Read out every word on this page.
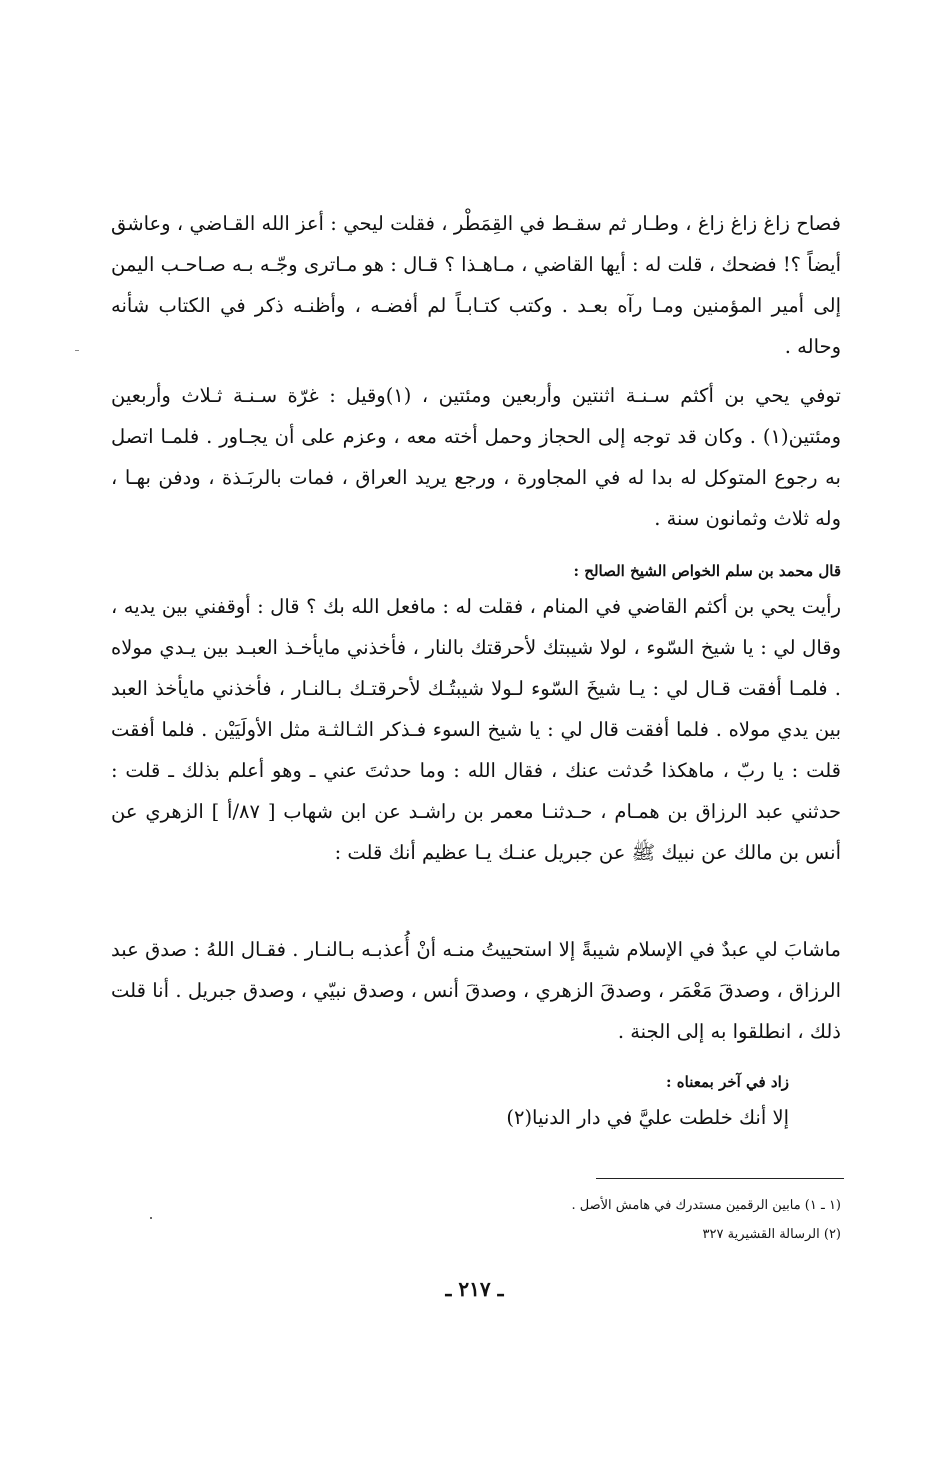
فصاح زاغ زاغ زاغ ، وطـار ثم سقـط في القِمَطْر ، فقلت ليحي : أعز الله القـاضي ، وعاشق أيضاً ؟! فضحك ، قلت له : أيها القاضي ، مـاهـذا ؟ قـال : هو مـاترى وجّـه بـه صـاحـب اليمن إلى أمير المؤمنين ومـا رآه بعـد . وكتب كتـابـاً لم أفضـه ، وأظنـه ذكر في الكتاب شأنه وحاله .

توفي يحي بن أكثم سـنـة اثنتين وأربعين ومئتين ، (١)وقيل : غرّة سـنـة ثـلاث وأربعين ومئتين(١) . وكان قد توجه إلى الحجاز وحمل أخته معه ، وعزم على أن يجـاور . فلمـا اتصل به رجوع المتوكل له بدا له في المجاورة ، ورجع يريد العراق ، فمات بالربَـذة ، ودفن بهـا ، وله ثلاث وثمانون سنة .

قال محمد بن سلم الخواص الشيخ الصالح :

رأيت يحي بن أكثم القاضي في المنام ، فقلت له : مافعل الله بك ؟ قال : أوقفني بين يديه ، وقال لي : يا شيخ السّوء ، لولا شيبتك لأحرقتك بالنار ، فأخذني مايأخـذ العبـد بين يـدي مولاه . فلمـا أفقت قـال لي : يـا شيخَ السّوء لـولا شيبتُـك لأحرقتـك بـالنـار ، فأخذني مايأخذ العبد بين يدي مولاه . فلما أفقت قال لي : يا شيخ السوء فـذكر الثـالثـة مثل الأولَيَيْن . فلما أفقت قلت : يا ربّ ، ماهكذا حُدثت عنك ، فقال الله : وما حدثتَ عني ـ وهو أعلم بذلك ـ قلت : حدثني عبد الرزاق بن همـام ، حـدثنـا معمر بن راشـد عن ابن شهاب [ ٨٧/أ ] الزهري عن أنس بن مالك عن نبيك ﷺ عن جبريل عنـك يـا عظيم أنك قلت :

ماشابَ لي عبدٌ في الإسلام شيبةً إلا استحييتُ منـه أنْ أُعذبـه بـالنـار . فقـال اللهُ : صدق عبد الرزاق ، وصدقَ مَعْمَر ، وصدقَ الزهري ، وصدقَ أنس ، وصدق نبيّي ، وصدق جبريل . أنا قلت ذلك ، انطلقوا به إلى الجنة .

زاد في آخر بمعناه :

إلا أنك خلطت عليَّ في دار الدنيا(٢)

(١ ـ ١) مابين الرقمين مستدرك في هامش الأصل .

(٢) الرسالة القشيرية ٣٢٧

ـ ٢١٧ ـ
